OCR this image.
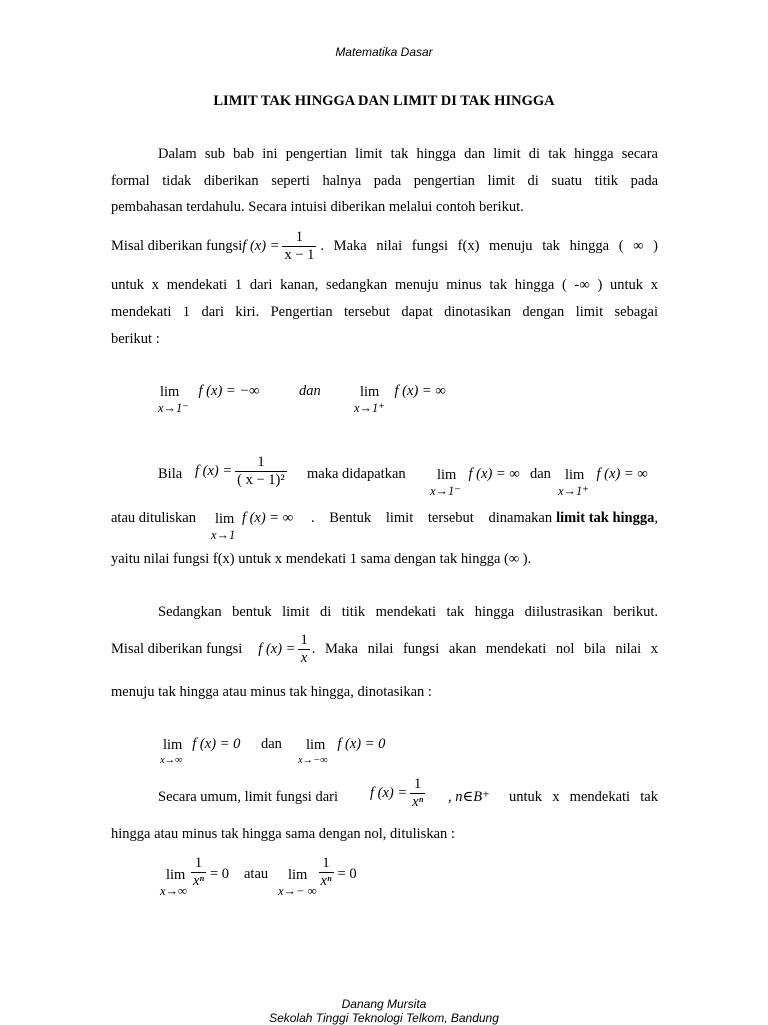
Matematika Dasar
LIMIT TAK HINGGA DAN LIMIT DI TAK HINGGA
Dalam sub bab ini pengertian limit tak hingga dan limit di tak hingga secara
formal tidak diberikan seperti halnya pada pengertian limit di suatu titik pada
pembahasan terdahulu. Secara intuisi diberikan melalui contoh berikut.
Misal diberikan fungsi f $(x) = \frac{1}{x - 1}$ . Maka nilai fungsi f(x) menuju tak hingga ( ∞ )
untuk x mendekati 1 dari kanan, sedangkan menuju minus tak hingga ( -∞ ) untuk x
mendekati 1 dari kiri. Pengertian tersebut dapat dinotasikan dengan limit sebagai
berikut :
lim
x→1⁻
f (x) = −∞	dan	lim
x→1⁺
f (x) = ∞
Bila f $(x) = \frac{1}{\text{( x − 1)²}}$ maka didapatkan	lim
x→1⁻
f (x) = ∞ dan lim
x→1⁺
f (x) = ∞
atau dituliskan lim
x→1
f (x) = ∞ . Bentuk limit tersebut dinamakan limit tak hingga,
yaitu nilai fungsi f(x) untuk x mendekati 1 sama dengan tak hingga (∞ ).
Sedangkan bentuk limit di titik mendekati tak hingga diilustrasikan berikut.
Misal diberikan fungsi f $(x) = \frac{1}{x}$ . Maka nilai fungsi akan mendekati nol bila nilai x
menuju tak hingga atau minus tak hingga, dinotasikan :
lim
x→∞
f (x) = 0 dan	lim
x→−∞
f (x) = 0
Secara umum, limit fungsi dari f $(x) = \frac{1}{\text{xⁿ}}$ , n∈B⁺ untuk x mendekati tak
hingga atau minus tak hingga sama dengan nol, dituliskan :
lim
x→∞
$\frac{1}{\text{xⁿ}} = 0$ atau	lim
x→− ∞
$\frac{1}{\text{xⁿ}} = 0$
Danang Mursita
Sekolah Tinggi Teknologi Telkom, Bandung
